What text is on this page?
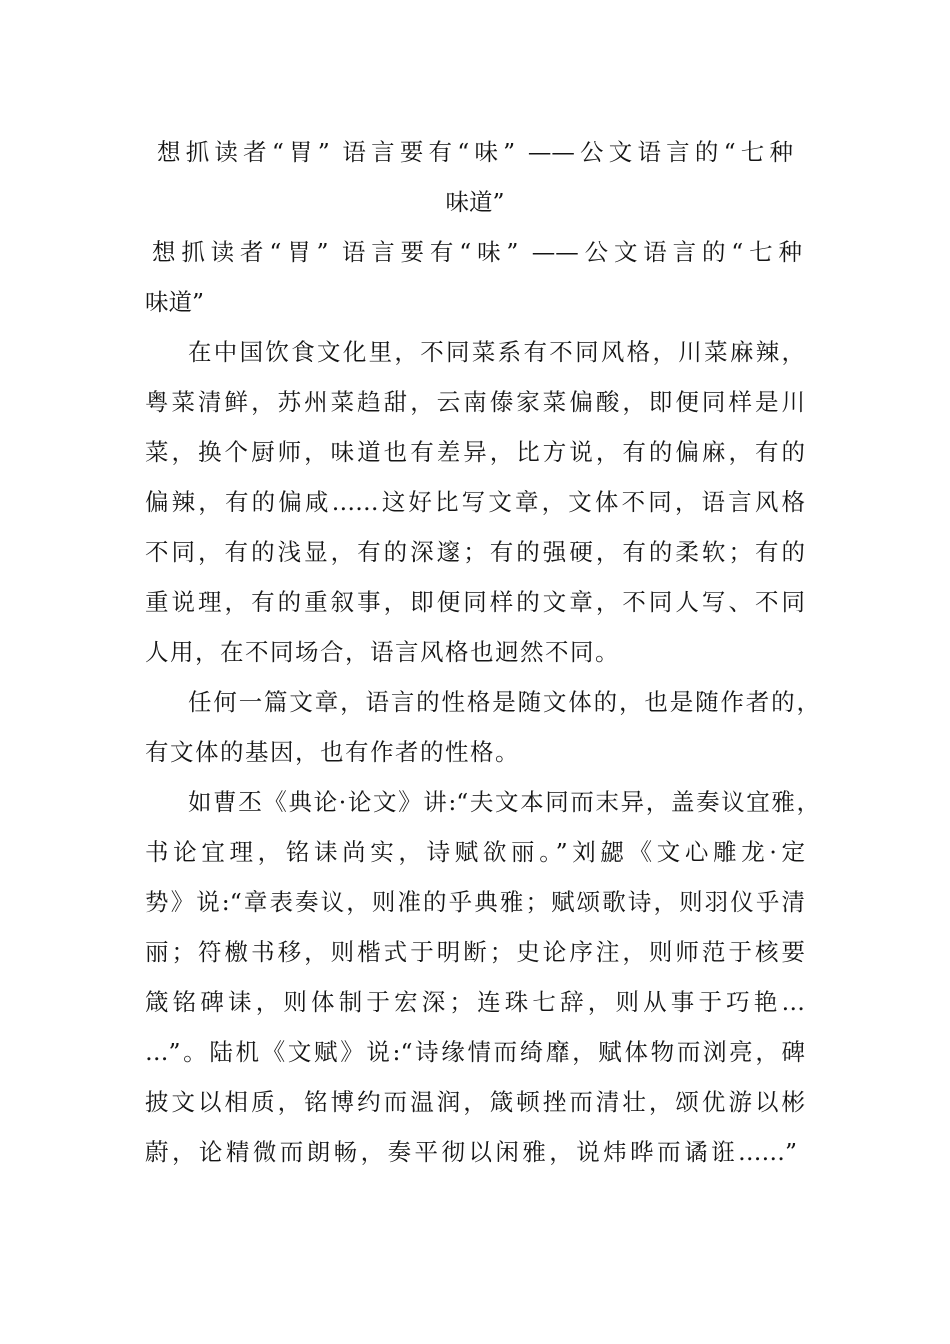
想抓读者“胃” 语言要有“味” ——公文语言的“七种
味道”
想抓读者“胃” 语言要有“味” ——公文语言的“七种
味道”
在中国饮食文化里，不同菜系有不同风格，川菜麻辣，
粤菜清鲜，苏州菜趋甜，云南傣家菜偏酸，即便同样是川
菜，换个厨师，味道也有差异，比方说，有的偏麻，有的
偏辣，有的偏咸……这好比写文章，文体不同，语言风格
不同，有的浅显，有的深邃；有的强硬，有的柔软；有的
重说理，有的重叙事，即便同样的文章，不同人写、不同
人用，在不同场合，语言风格也迥然不同。
任何一篇文章，语言的性格是随文体的，也是随作者的，
有文体的基因，也有作者的性格。
如曹丕《典论·论文》讲:“夫文本同而末异，盖奏议宜雅，
书论宜理，铭诔尚实，诗赋欲丽。”刘勰《文心雕龙·定
势》说:“章表奏议，则准的乎典雅；赋颂歌诗，则羽仪乎清
丽；符檄书移，则楷式于明断；史论序注，则师范于核要
箴铭碑诔，则体制于宏深；连珠七辞，则从事于巧艳…
…”。陆机《文赋》说:“诗缘情而绮靡，赋体物而浏亮，碑
披文以相质，铭博约而温润，箴顿挫而清壮，颂优游以彬
蔚，论精微而朗畅，奏平彻以闲雅，说炜晔而谲诳……”
